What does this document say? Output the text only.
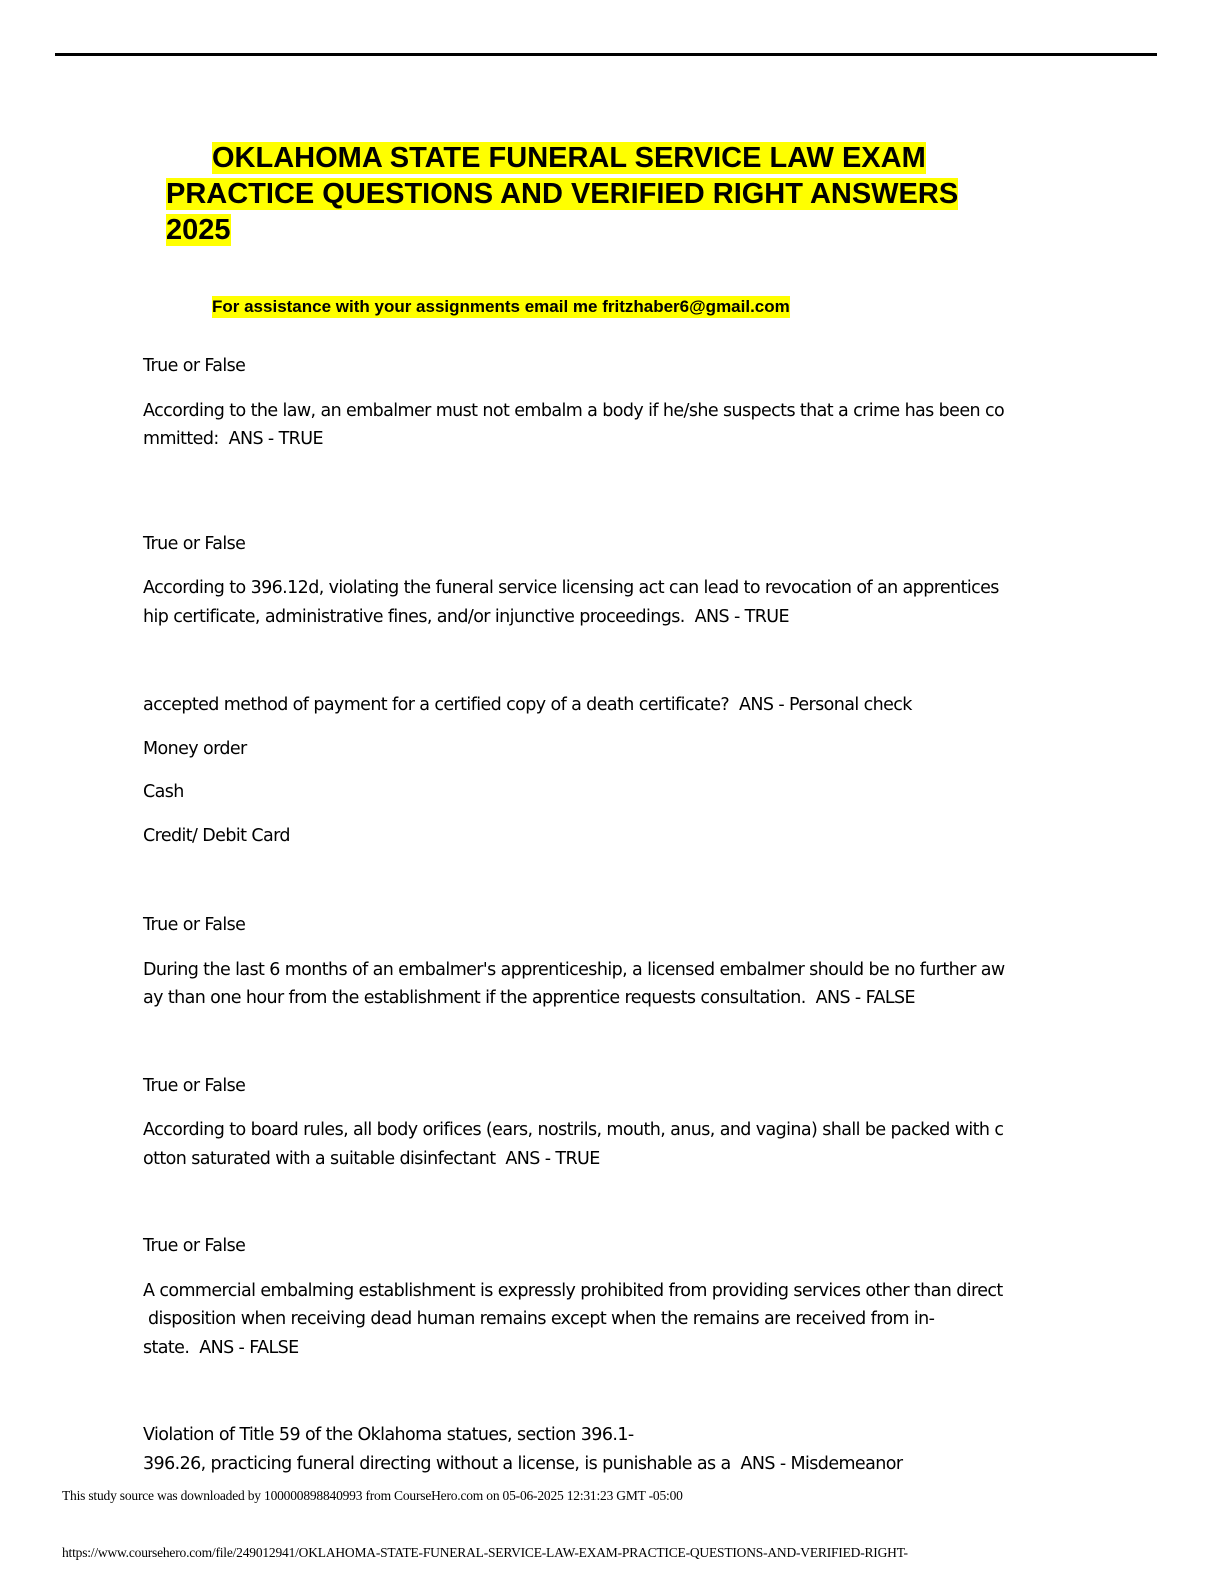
OKLAHOMA STATE FUNERAL SERVICE LAW EXAM
PRACTICE QUESTIONS AND VERIFIED RIGHT ANSWERS
2025
For assistance with your assignments email me fritzhaber6@gmail.com

True or False

According to the law, an embalmer must not embalm a body if he/she suspects that a crime has been co
mmitted:  ANS - TRUE

True or False

According to 396.12d, violating the funeral service licensing act can lead to revocation of an apprentices
hip certificate, administrative fines, and/or injunctive proceedings.  ANS - TRUE

accepted method of payment for a certified copy of a death certificate?  ANS - Personal check

Money order

Cash

Credit/ Debit Card

True or False

During the last 6 months of an embalmer's apprenticeship, a licensed embalmer should be no further aw
ay than one hour from the establishment if the apprentice requests consultation.  ANS - FALSE

True or False

According to board rules, all body orifices (ears, nostrils, mouth, anus, and vagina) shall be packed with c
otton saturated with a suitable disinfectant  ANS - TRUE

True or False

A commercial embalming establishment is expressly prohibited from providing services other than direct
disposition when receiving dead human remains except when the remains are received from in-
state.  ANS - FALSE

Violation of Title 59 of the Oklahoma statues, section 396.1-
396.26, practicing funeral directing without a license, is punishable as a  ANS - Misdemeanor

This study source was downloaded by 100000898840993 from CourseHero.com on 05-06-2025 12:31:23 GMT -05:00
https://www.coursehero.com/file/249012941/OKLAHOMA-STATE-FUNERAL-SERVICE-LAW-EXAM-PRACTICE-QUESTIONS-AND-VERIFIED-RIGHT-
